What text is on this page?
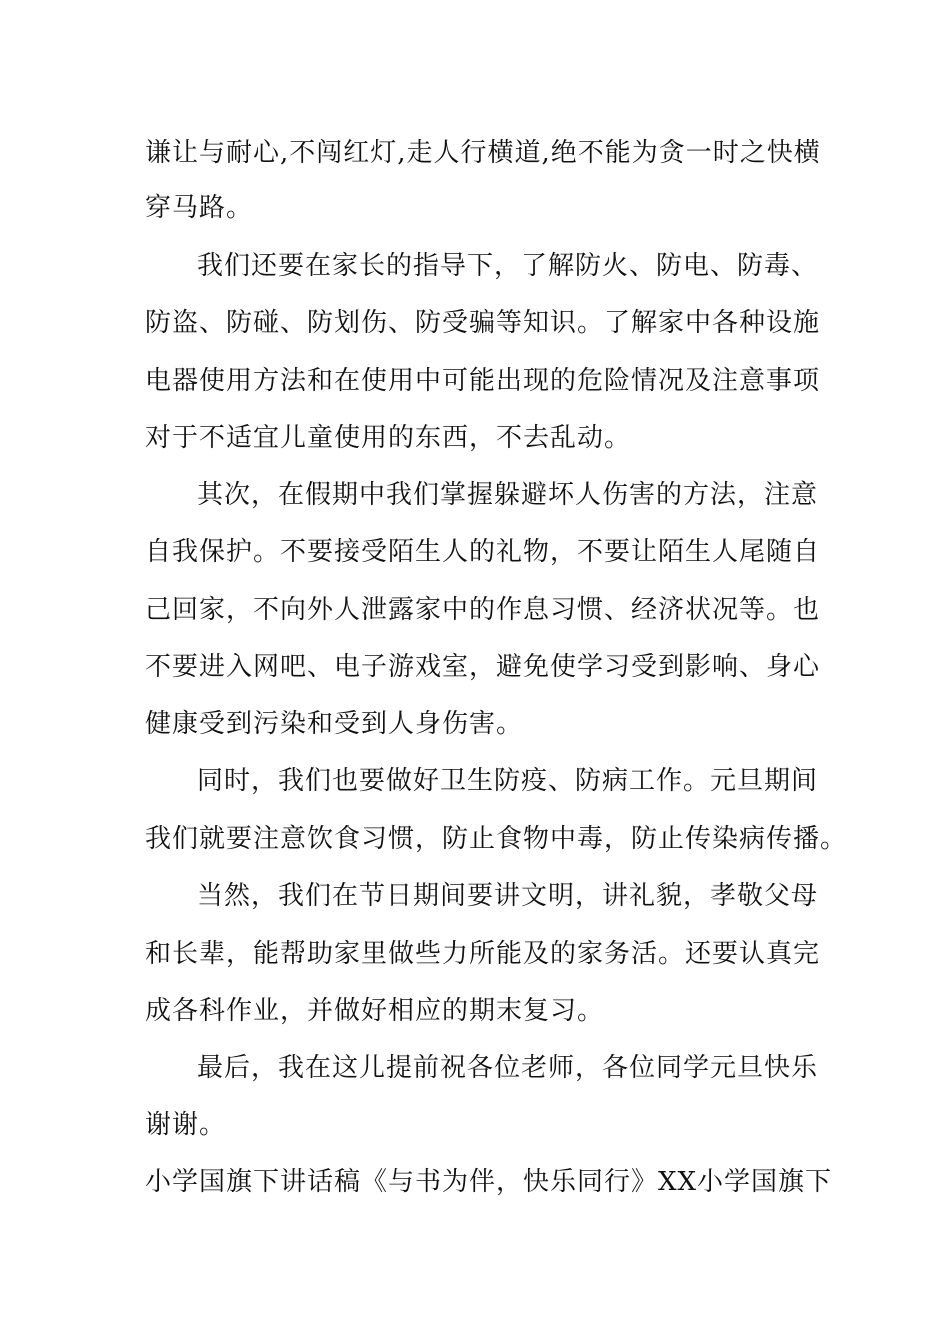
谦让与耐心,不闯红灯,走人行横道,绝不能为贪一时之快横
穿马路。
我们还要在家长的指导下，了解防火、防电、防毒、
防盗、防碰、防划伤、防受骗等知识。了解家中各种设施
电器使用方法和在使用中可能出现的危险情况及注意事项
对于不适宜儿童使用的东西，不去乱动。
其次，在假期中我们掌握躲避坏人伤害的方法，注意
自我保护。不要接受陌生人的礼物，不要让陌生人尾随自
己回家，不向外人泄露家中的作息习惯、经济状况等。也
不要进入网吧、电子游戏室，避免使学习受到影响、身心
健康受到污染和受到人身伤害。
同时，我们也要做好卫生防疫、防病工作。元旦期间
我们就要注意饮食习惯，防止食物中毒，防止传染病传播。
当然，我们在节日期间要讲文明，讲礼貌，孝敬父母
和长辈，能帮助家里做些力所能及的家务活。还要认真完
成各科作业，并做好相应的期末复习。
最后，我在这儿提前祝各位老师，各位同学元旦快乐
谢谢。
小学国旗下讲话稿《与书为伴，快乐同行》XX小学国旗下
